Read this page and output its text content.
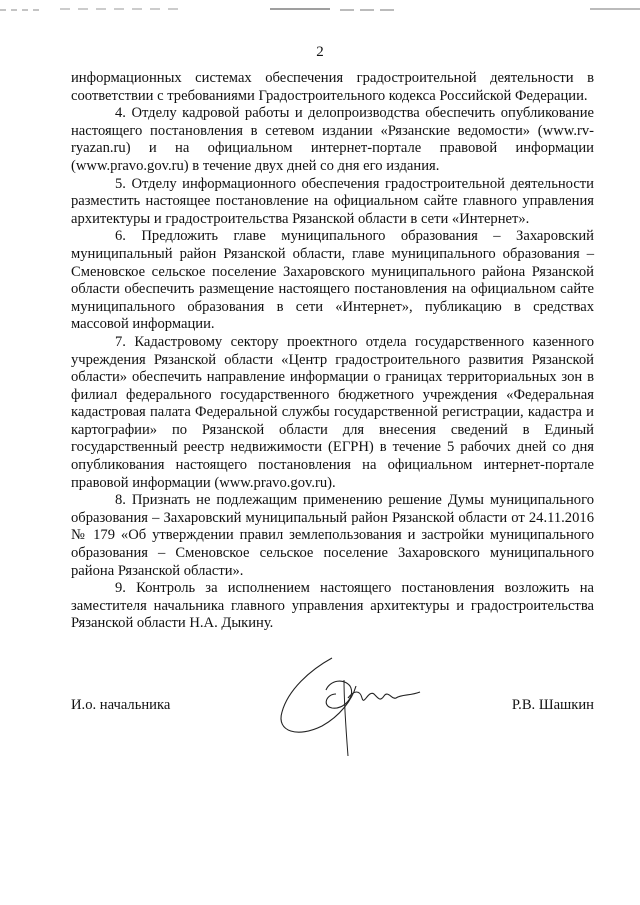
2

информационных системах обеспечения градостроительной деятельности в соответствии с требованиями Градостроительного кодекса Российской Федерации.

4. Отделу кадровой работы и делопроизводства обеспечить опубликование настоящего постановления в сетевом издании «Рязанские ведомости» (www.rv-ryazan.ru) и на официальном интернет-портале правовой информации (www.pravo.gov.ru) в течение двух дней со дня его издания.

5. Отделу информационного обеспечения градостроительной деятельности разместить настоящее постановление на официальном сайте главного управления архитектуры и градостроительства Рязанской области в сети «Интернет».

6. Предложить главе муниципального образования – Захаровский муниципальный район Рязанской области, главе муниципального образования – Сменовское сельское поселение Захаровского муниципального района Рязанской области обеспечить размещение настоящего постановления на официальном сайте муниципального образования в сети «Интернет», публикацию в средствах массовой информации.

7. Кадастровому сектору проектного отдела государственного казенного учреждения Рязанской области «Центр градостроительного развития Рязанской области» обеспечить направление информации о границах территориальных зон в филиал федерального государственного бюджетного учреждения «Федеральная кадастровая палата Федеральной службы государственной регистрации, кадастра и картографии» по Рязанской области для внесения сведений в Единый государственный реестр недвижимости (ЕГРН) в течение 5 рабочих дней со дня опубликования настоящего постановления на официальном интернет-портале правовой информации (www.pravo.gov.ru).

8. Признать не подлежащим применению решение Думы муниципального образования – Захаровский муниципальный район Рязанской области от 24.11.2016 № 179 «Об утверждении правил землепользования и застройки муниципального образования – Сменовское сельское поселение Захаровского муниципального района Рязанской области».

9. Контроль за исполнением настоящего постановления возложить на заместителя начальника главного управления архитектуры и градостроительства Рязанской области Н.А. Дыкину.

И.о. начальника	Р.В. Шашкин
